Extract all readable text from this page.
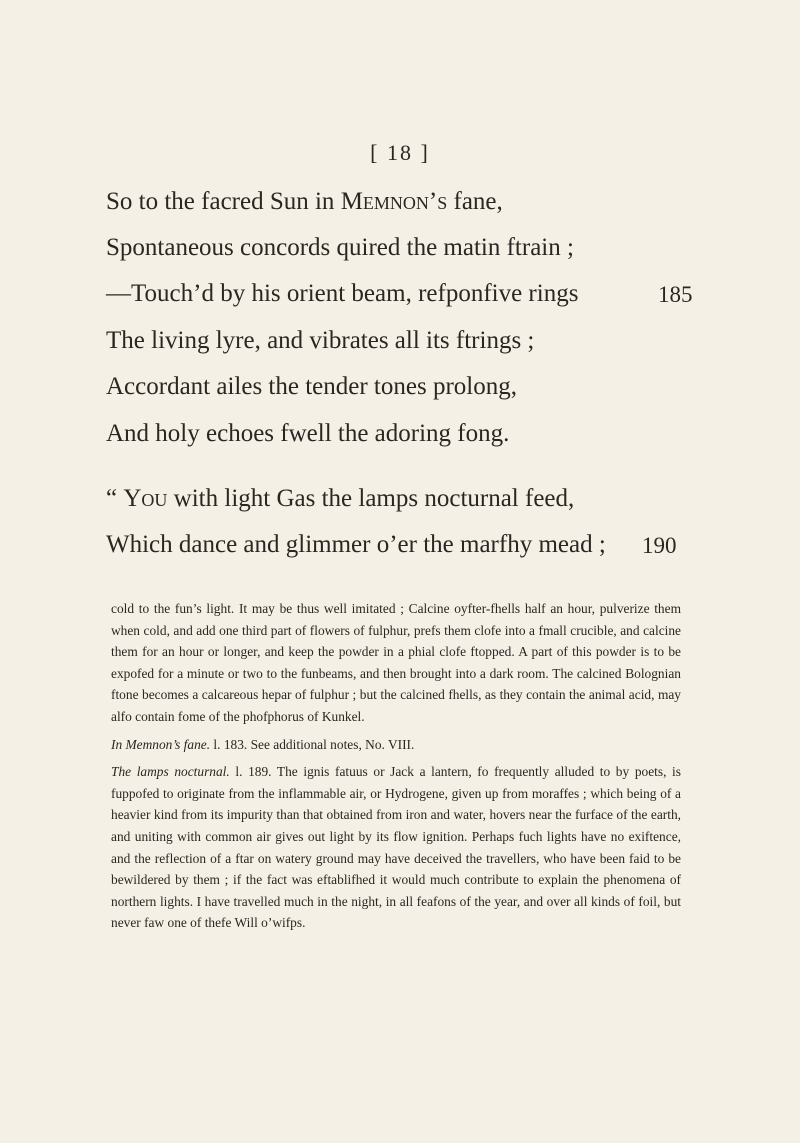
[ 18 ]
So to the facred Sun in Memnon’s fane,
Spontaneous concords quired the matin ftrain ;
—Touch’d by his orient beam, refponfive rings
The living lyre, and vibrates all its ftrings ;
Accordant ailes the tender tones prolong,
And holy echoes fwell the adoring fong.
185
“ You with light Gas the lamps nocturnal feed,
Which dance and glimmer o’er the marfhy mead ;	190

cold to the fun’s light. It may be thus well imitated ; Calcine oyfter-fhells half an hour, pulverize them when cold, and add one third part of flowers of fulphur, prefs them clofe into a fmall crucible, and calcine them for an hour or longer, and keep the powder in a phial clofe ftopped. A part of this powder is to be expofed for a minute or two to the funbeams, and then brought into a dark room. The calcined Bolognian ftone becomes a calcareous hepar of fulphur ; but the calcined fhells, as they contain the animal acid, may alfo contain fome of the phofphorus of Kunkel.

In Memnon’s fane. l. 183. See additional notes, No. VIII.

The lamps nocturnal. l. 189. The ignis fatuus or Jack a lantern, fo frequently alluded to by poets, is fuppofed to originate from the inflammable air, or Hydrogene, given up from moraffes ; which being of a heavier kind from its impurity than that obtained from iron and water, hovers near the furface of the earth, and uniting with common air gives out light by its flow ignition. Perhaps fuch lights have no exiftence, and the reflection of a ftar on watery ground may have deceived the travellers, who have been faid to be bewildered by them ; if the fact was eftablifhed it would much contribute to explain the phenomena of northern lights. I have travelled much in the night, in all feafons of the year, and over all kinds of foil, but never faw one of thefe Will o’wifps.
